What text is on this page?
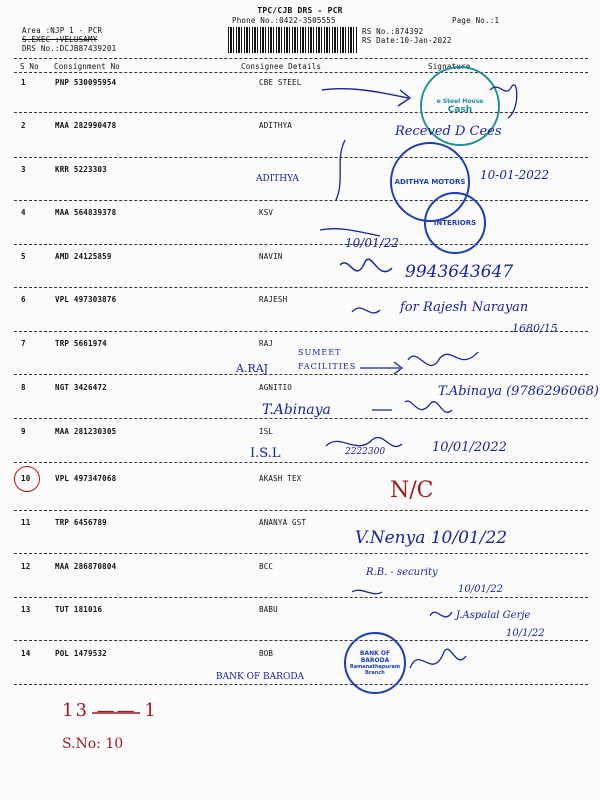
TPC/CJB DRS - PCR
Phone No.:0422-3505555	Page No.:1
RS No.:874392
RS Date:10-Jan-2022
Area :NJP 1 - PCR
S.EXEC :VELUSAMY
DRS No.:DCJB87439201
S No Consignment No	Consignee Details	Signature
1	PNP 530095954	CBE STEEL
2	MAA 282990478	ADITHYA
3	KRR 5223303
4	MAA 564839378	KSV
5	AMD 24125859	NAVIN
6	VPL 497303876	RAJESH
7	TRP 5661974	RAJ
8	NGT 3426472	AGNITIO
9	MAA 281230305	ISL
10	VPL 497347068	AKASH TEX
11	TRP 6456789	ANANYA GST
12	MAA 286870804	BCC
13	TUT 181016	BABU
14	POL 1479532	BOB
e Steel House
Cash
ADITHYA MOTORS
INTERIORS
BANK OF BARODA
Ramanathapuram Branch
Receved D Cees
ADITHYA	10-01-2022
10/01/22
9943643647
for Rajesh Narayan
1680/15
A.RAJ
SUMEET FACILITIES
T.Abinaya (9786296068)
T.Abinaya
I.S.L	2222300	10/01/2022
N/C
V.Nenya 10/01/22
R.B. - security
10/01/22
J.Aspalal Gerje
10/1/22
BANK OF BARODA
13 —— 1
S.No: 10
